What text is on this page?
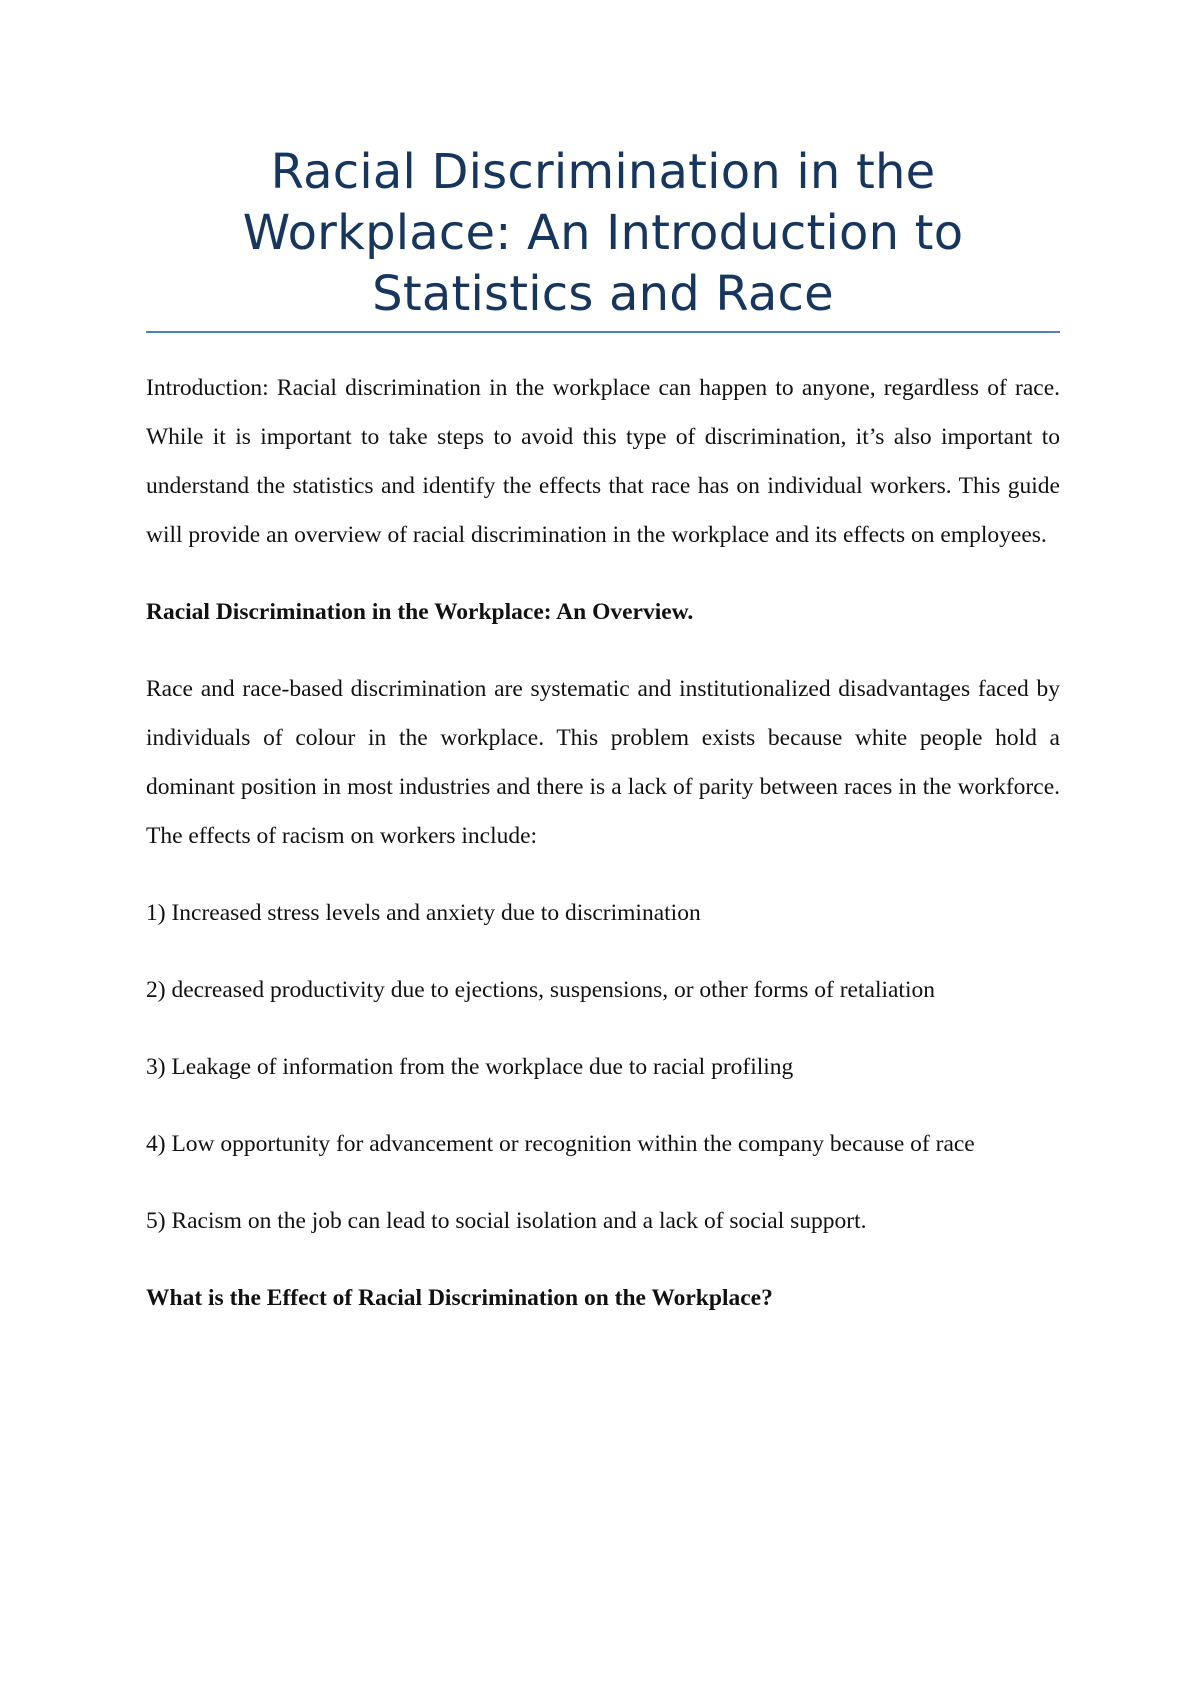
Racial Discrimination in the Workplace: An Introduction to Statistics and Race

Introduction: Racial discrimination in the workplace can happen to anyone, regardless of race. While it is important to take steps to avoid this type of discrimination, it’s also important to understand the statistics and identify the effects that race has on individual workers. This guide will provide an overview of racial discrimination in the workplace and its effects on employees.

Racial Discrimination in the Workplace: An Overview.

Race and race-based discrimination are systematic and institutionalized disadvantages faced by individuals of colour in the workplace. This problem exists because white people hold a dominant position in most industries and there is a lack of parity between races in the workforce. The effects of racism on workers include:

1) Increased stress levels and anxiety due to discrimination

2) decreased productivity due to ejections, suspensions, or other forms of retaliation

3) Leakage of information from the workplace due to racial profiling

4) Low opportunity for advancement or recognition within the company because of race

5) Racism on the job can lead to social isolation and a lack of social support.

What is the Effect of Racial Discrimination on the Workplace?
